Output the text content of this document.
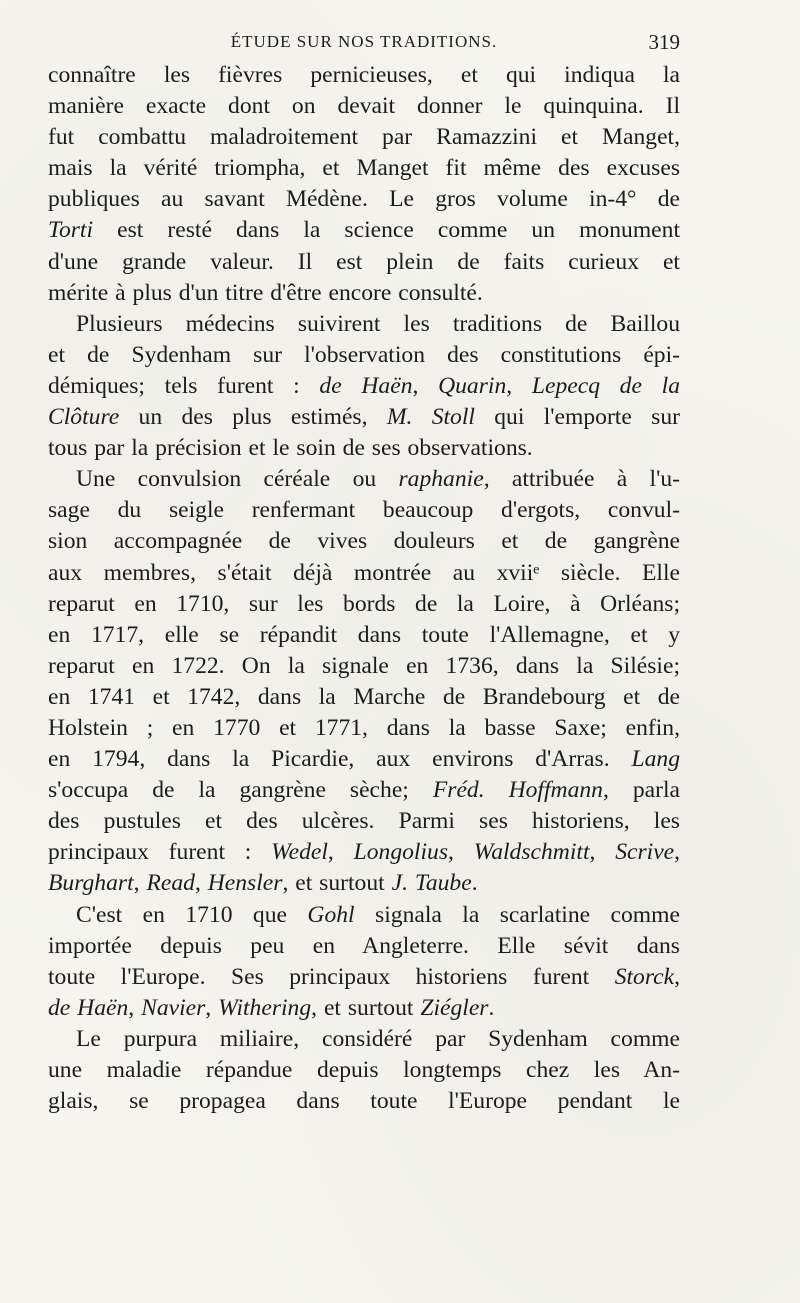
ÉTUDE SUR NOS TRADITIONS.	319
connaître les fièvres pernicieuses, et qui indiqua la
manière exacte dont on devait donner le quinquina. Il
fut combattu maladroitement par Ramazzini et Manget,
mais la vérité triompha, et Manget fit même des excuses
publiques au savant Médène. Le gros volume in-4° de
Torti est resté dans la science comme un monument
d'une grande valeur. Il est plein de faits curieux et
mérite à plus d'un titre d'être encore consulté.
Plusieurs médecins suivirent les traditions de Baillou
et de Sydenham sur l'observation des constitutions épi-
démiques; tels furent : de Haën, Quarin, Lepecq de la
Clôture un des plus estimés, M. Stoll qui l'emporte sur
tous par la précision et le soin de ses observations.
Une convulsion céréale ou raphanie, attribuée à l'u-
sage du seigle renfermant beaucoup d'ergots, convul-
sion accompagnée de vives douleurs et de gangrène
aux membres, s'était déjà montrée au xviiᵉ siècle. Elle
reparut en 1710, sur les bords de la Loire, à Orléans;
en 1717, elle se répandit dans toute l'Allemagne, et y
reparut en 1722. On la signale en 1736, dans la Silésie;
en 1741 et 1742, dans la Marche de Brandebourg et de
Holstein ; en 1770 et 1771, dans la basse Saxe; enfin,
en 1794, dans la Picardie, aux environs d'Arras. Lang
s'occupa de la gangrène sèche; Fréd. Hoffmann, parla
des pustules et des ulcères. Parmi ses historiens, les
principaux furent : Wedel, Longolius, Waldschmitt, Scrive,
Burghart, Read, Hensler, et surtout J. Taube.
C'est en 1710 que Gohl signala la scarlatine comme
importée depuis peu en Angleterre. Elle sévit dans
toute l'Europe. Ses principaux historiens furent Storck,
de Haën, Navier, Withering, et surtout Ziégler.
Le purpura miliaire, considéré par Sydenham comme
une maladie répandue depuis longtemps chez les An-
glais, se propagea dans toute l'Europe pendant le
